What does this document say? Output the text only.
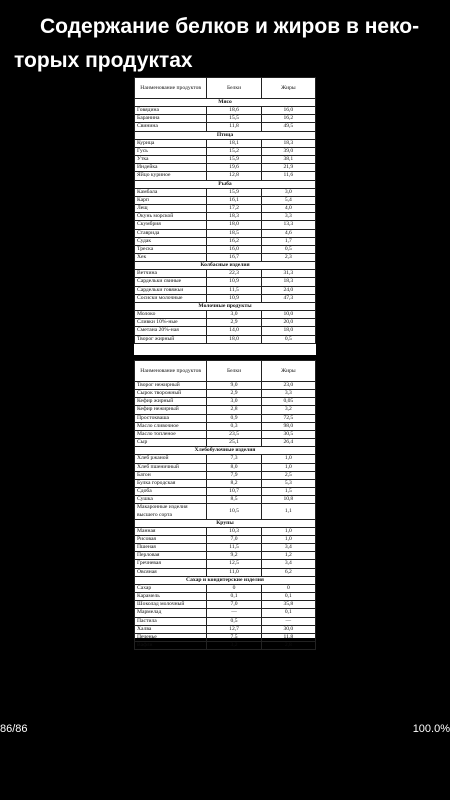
Содержание белков и жиров в некоторых продуктах
Наименование продуктов	Белки	Жиры
Мясо		
Говядина	18,6	16,0
Баранина	15,5	16,2
Свинина	11,8	49,5
Птица		
Курица	18,1	18,3
Гусь	15,2	39,0
Утка	15,9	38,1
Индейка	19,6	21,9
Яйцо куриное	12,8	11,6
Рыба		
Камбала	15,9	3,0
Карп	16,1	5,4
Лещ	17,2	4,0
Окунь морской	18,3	3,3
Скумбрия	18,0	13,3
Ставрида	18,5	4,6
Судак	16,2	1,7
Треска	16,0	0,5
Хек	16,7	2,3
Колбасные изделия		
Ветчина	22,3	31,3
Сардельки свиные	10,9	18,3
Сардельки говяжьи	11,5	24,0
Сосиски молочные	10,9	47,3
Молочные продукты		
Молоко	3,0	10,0
Сливки 10%-ные	2,9	20,0
Сметана 20%-ная	14,0	18,0
Творог жирный	18,0	0,5
Наименование продуктов	Белки	Жиры
Творог нежирный	9,0	23,0
Сырок творожный	2,9	3,3
Кефир жирный	3,0	0,05
Кефир нежирный	2,8	3,2
Простокваша	0,9	72,5
Масло сливочное	0,3	98,0
Масло топленое	23,5	30,5
Сыр	25,1	26,4
Хлебобулочные изделия		
Хлеб ржаной	7,3	1,0
Хлеб пшеничный	8,0	1,0
Батон	7,9	2,5
Булка городская	8,2	5,3
Сдоба	10,7	1,5
Сушка	8,5	10,8
Макаронные изделия высшего сорта	10,5	1,1
Крупы		
Манная	10,3	1,0
Рисовая	7,0	1,0
Пшеная	11,5	3,4
Перловая	9,2	1,2
Гречневая	12,5	3,4
Овсяная	11,0	6,2
Сахар и кондитерские изделия		
Сахар	0	0
Карамель	0,1	0,1
Шоколад молочный	7,0	35,8
Мармелад	—	0,1
Пастила	0,5	—
Халва	12,7	30,0
Печенье	7,5	11,8
Вафли	3,2	2,8
86/86	100.0%
